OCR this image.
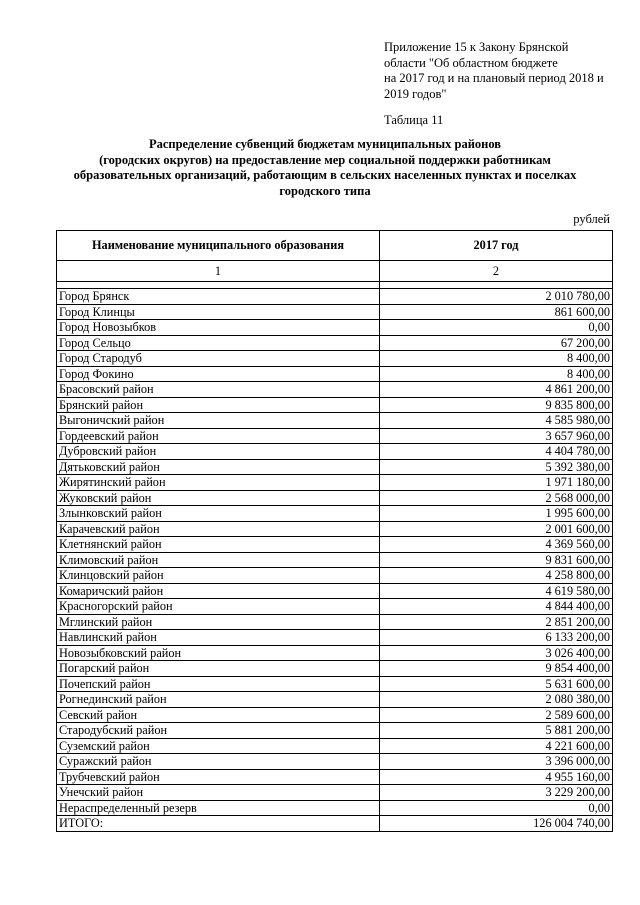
Приложение 15 к Закону Брянской
области "Об областном бюджете
на 2017 год и на плановый период 2018 и
2019 годов"
Таблица 11
Распределение субвенций бюджетам муниципальных районов
(городских округов) на предоставление мер социальной поддержки работникам
образовательных организаций, работающим в сельских населенных пунктах и поселках
городского типа
рублей
Наименование муниципального образования	2017 год
1	2

Город Брянск	2 010 780,00
Город Клинцы	861 600,00
Город Новозыбков	0,00
Город Сельцо	67 200,00
Город Стародуб	8 400,00
Город Фокино	8 400,00
Брасовский район	4 861 200,00
Брянский район	9 835 800,00
Выгоничский район	4 585 980,00
Гордеевский район	3 657 960,00
Дубровский район	4 404 780,00
Дятьковский район	5 392 380,00
Жирятинский район	1 971 180,00
Жуковский район	2 568 000,00
Злынковский район	1 995 600,00
Карачевский район	2 001 600,00
Клетнянский район	4 369 560,00
Климовский район	9 831 600,00
Клинцовский район	4 258 800,00
Комаричский район	4 619 580,00
Красногорский район	4 844 400,00
Мглинский район	2 851 200,00
Навлинский район	6 133 200,00
Новозыбковский район	3 026 400,00
Погарский район	9 854 400,00
Почепский район	5 631 600,00
Рогнединский район	2 080 380,00
Севский район	2 589 600,00
Стародубский район	5 881 200,00
Суземский район	4 221 600,00
Суражский район	3 396 000,00
Трубчевский район	4 955 160,00
Унечский район	3 229 200,00
Нераспределенный резерв	0,00
ИТОГО:	126 004 740,00
